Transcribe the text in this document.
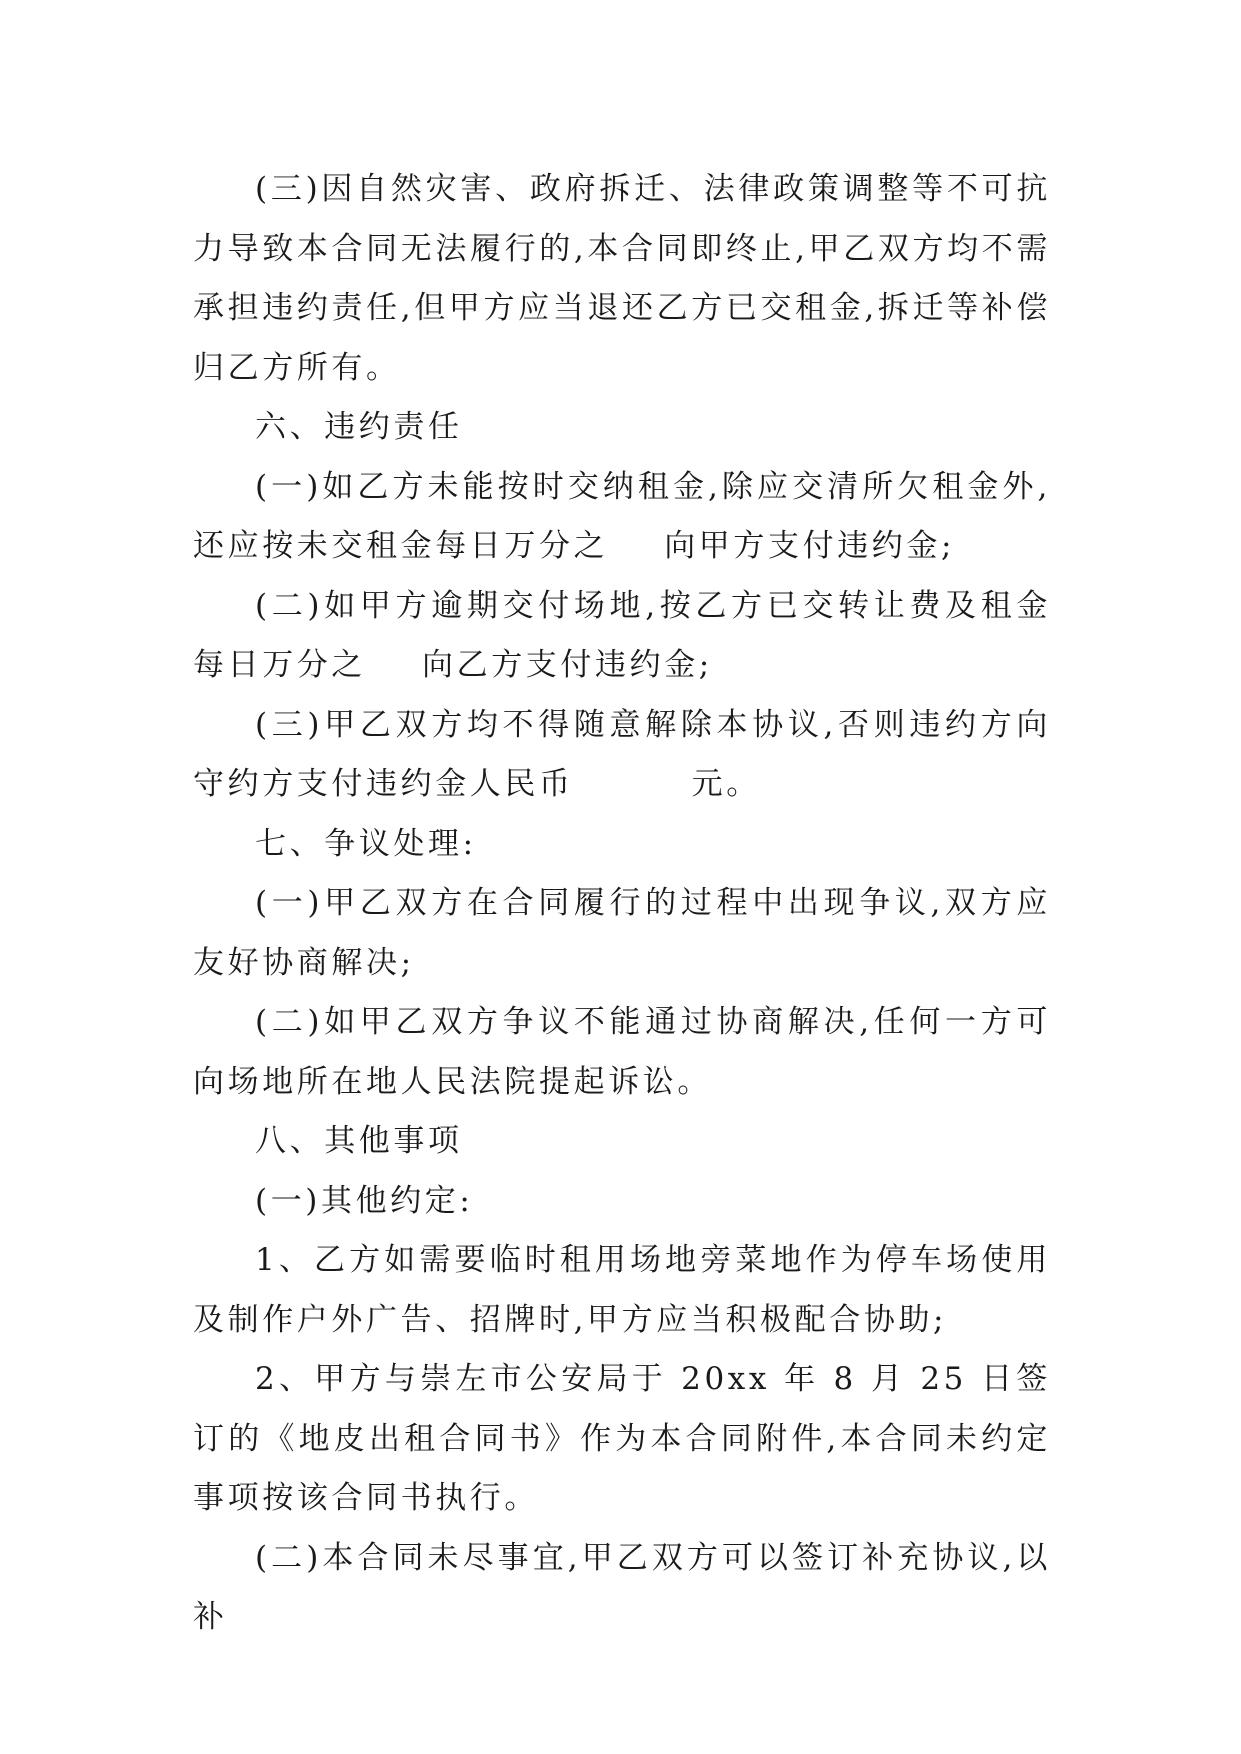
(三)因自然灾害、政府拆迁、法律政策调整等不可抗力导致本合同无法履行的,本合同即终止,甲乙双方均不需承担违约责任,但甲方应当退还乙方已交租金,拆迁等补偿归乙方所有。

六、违约责任

(一)如乙方未能按时交纳租金,除应交清所欠租金外,还应按未交租金每日万分之 向甲方支付违约金;

(二)如甲方逾期交付场地,按乙方已交转让费及租金每日万分之 向乙方支付违约金;

(三)甲乙双方均不得随意解除本协议,否则违约方向守约方支付违约金人民币	元。

七、争议处理:

(一)甲乙双方在合同履行的过程中出现争议,双方应友好协商解决;

(二)如甲乙双方争议不能通过协商解决,任何一方可向场地所在地人民法院提起诉讼。

八、其他事项

(一)其他约定:

1、乙方如需要临时租用场地旁菜地作为停车场使用及制作户外广告、招牌时,甲方应当积极配合协助;

2、甲方与崇左市公安局于 20xx 年 8 月 25 日签订的《地皮出租合同书》作为本合同附件,本合同未约定事项按该合同书执行。

(二)本合同未尽事宜,甲乙双方可以签订补充协议,以补
